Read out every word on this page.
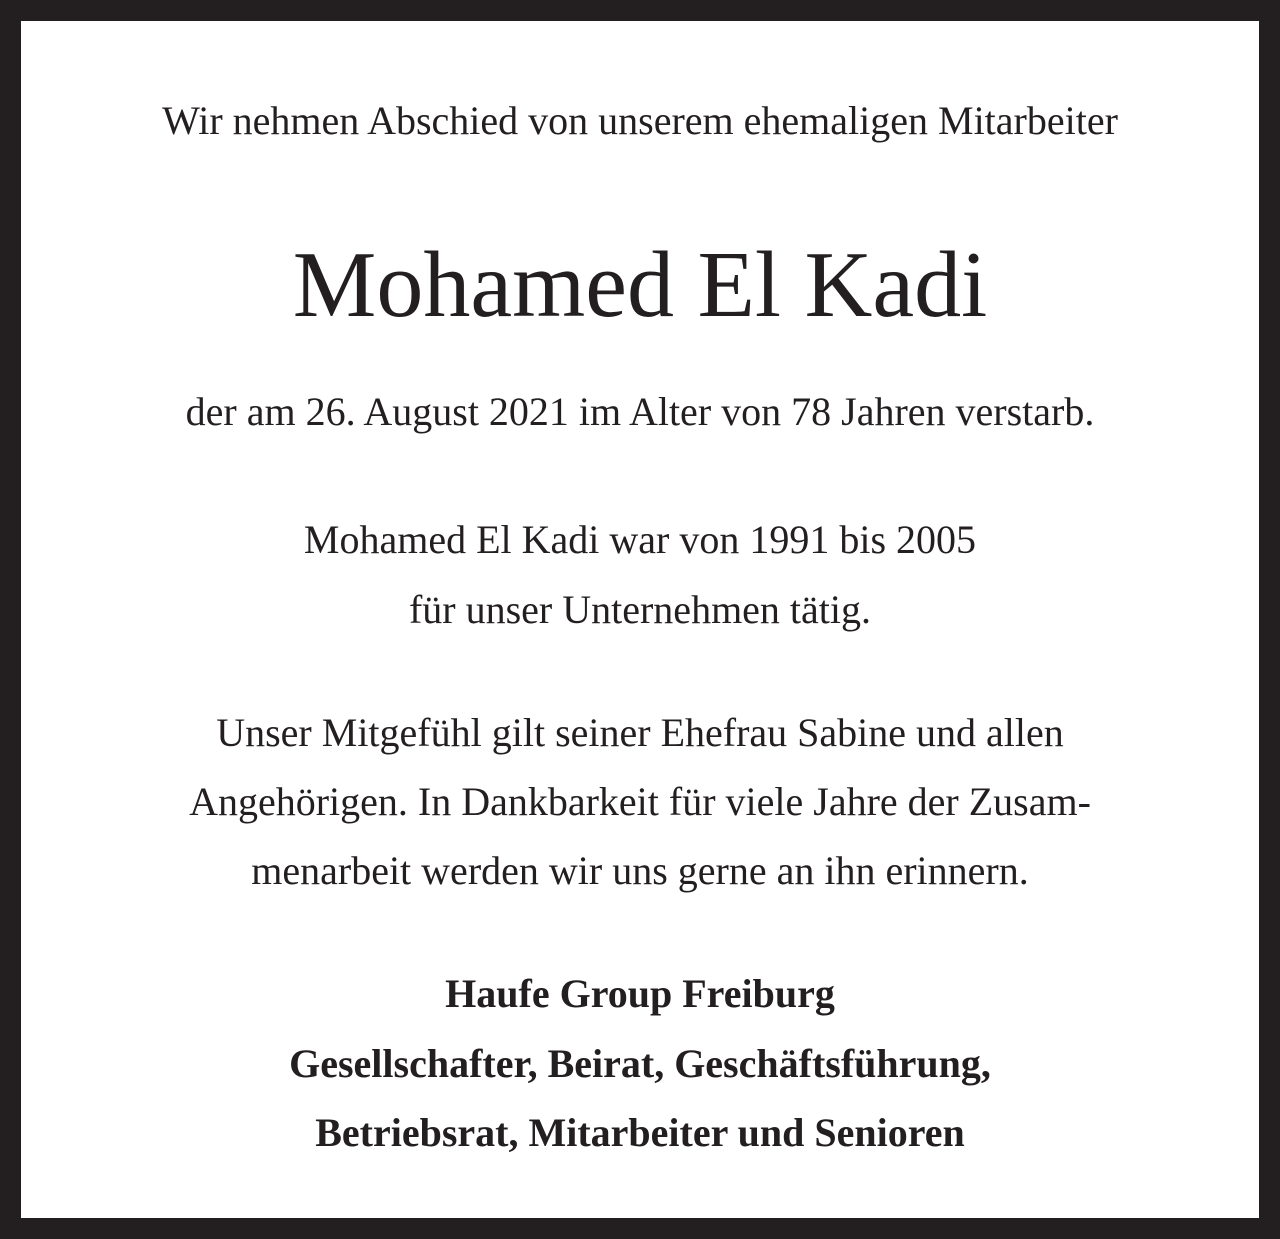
Wir nehmen Abschied von unserem ehemaligen Mitarbeiter
Mohamed El Kadi
der am 26. August 2021 im Alter von 78 Jahren verstarb.
Mohamed El Kadi war von 1991 bis 2005
für unser Unternehmen tätig.
Unser Mitgefühl gilt seiner Ehefrau Sabine und allen
Angehörigen. In Dankbarkeit für viele Jahre der Zusam-
menarbeit werden wir uns gerne an ihn erinnern.
Haufe Group Freiburg
Gesellschafter, Beirat, Geschäftsführung,
Betriebsrat, Mitarbeiter und Senioren
